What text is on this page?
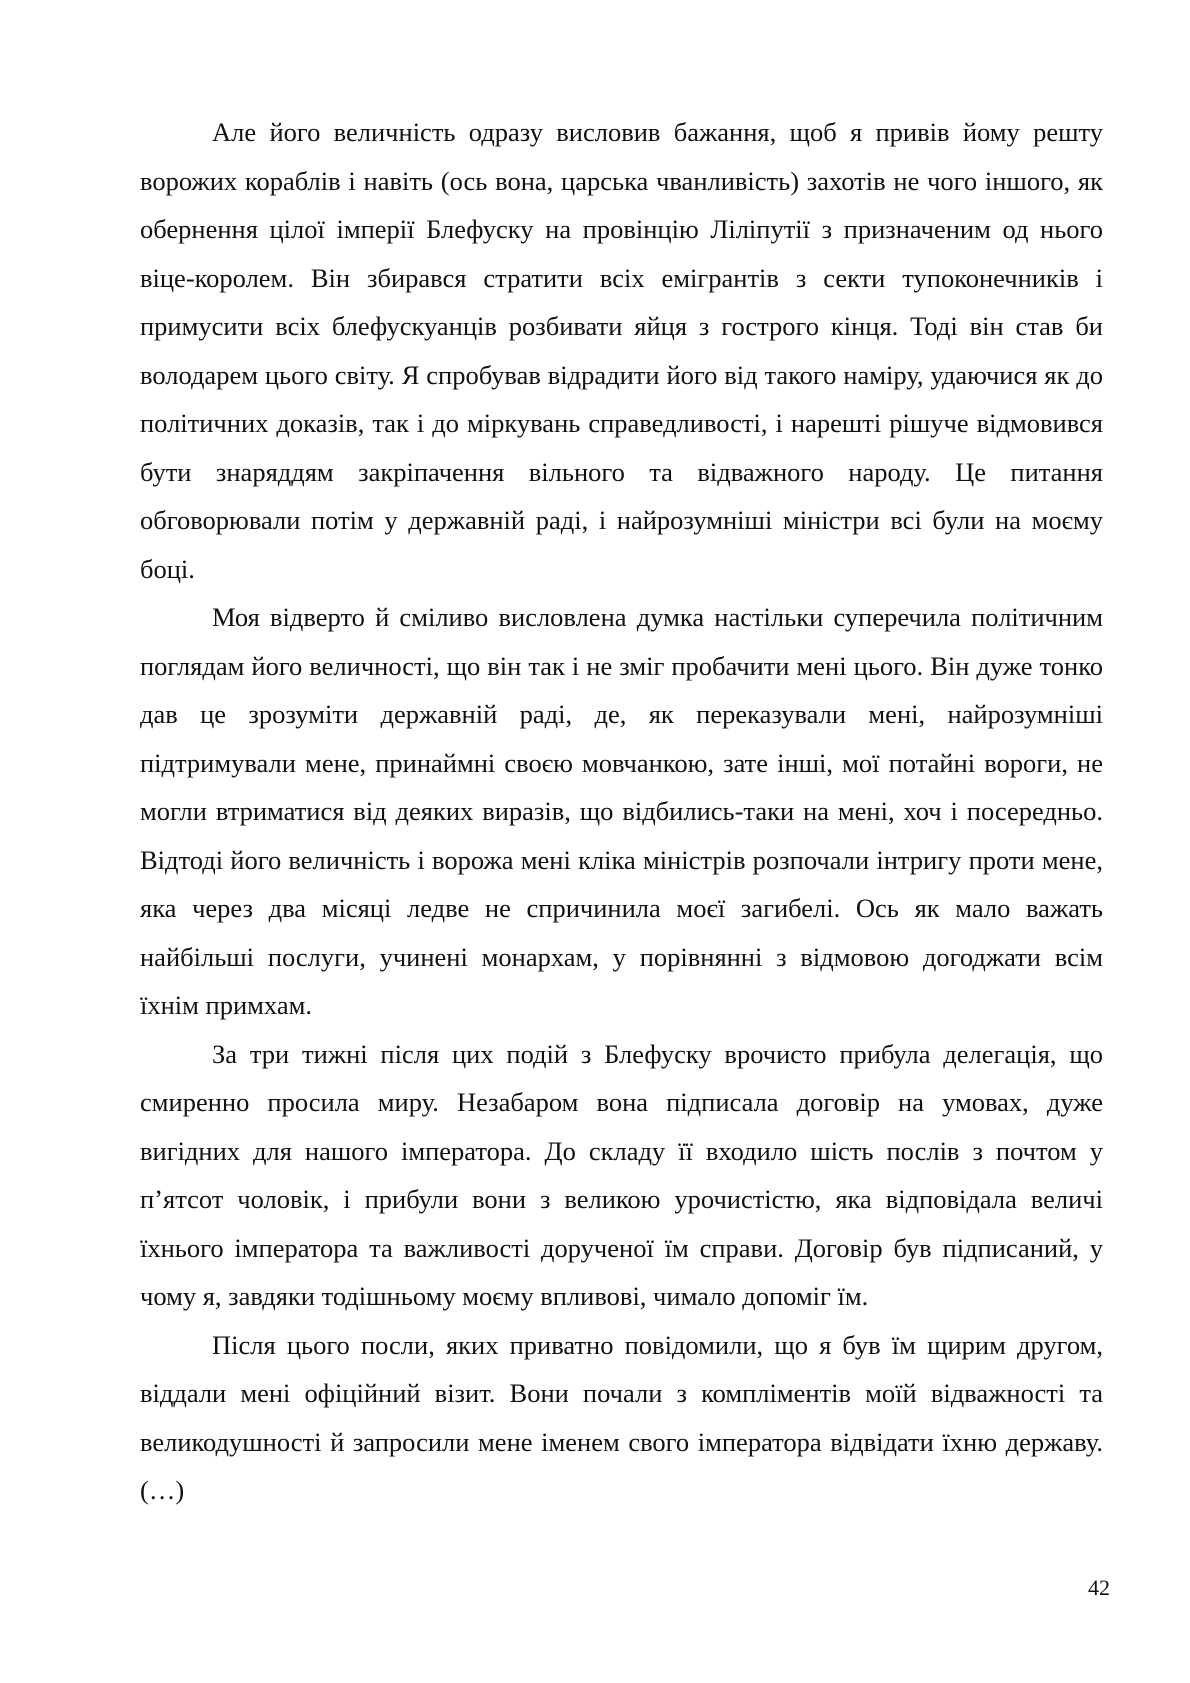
Але його величність одразу висловив бажання, щоб я привів йому решту ворожих кораблів і навіть (ось вона, царська чванливість) захотів не чого іншого, як обернення цілої імперії Блефуску на провінцію Ліліпутії з призначеним од нього віце-королем. Він збирався стратити всіх емігрантів з секти тупоконечників і примусити всіх блефускуанців розбивати яйця з гострого кінця. Тоді він став би володарем цього світу. Я спробував відрадити його від такого наміру, удаючися як до політичних доказів, так і до міркувань справедливості, і нарешті рішуче відмовився бути знаряддям закріпачення вільного та відважного народу. Це питання обговорювали потім у державній раді, і найрозумніші міністри всі були на моєму боці.

Моя відверто й сміливо висловлена думка настільки суперечила політичним поглядам його величності, що він так і не зміг пробачити мені цього. Він дуже тонко дав це зрозуміти державній раді, де, як переказували мені, найрозумніші підтримували мене, принаймні своєю мовчанкою, зате інші, мої потайні вороги, не могли втриматися від деяких виразів, що відбились-таки на мені, хоч і посередньо. Відтоді його величність і ворожа мені кліка міністрів розпочали інтригу проти мене, яка через два місяці ледве не спричинила моєї загибелі. Ось як мало важать найбільші послуги, учинені монархам, у порівнянні з відмовою догоджати всім їхнім примхам.

За три тижні після цих подій з Блефуску врочисто прибула делегація, що смиренно просила миру. Незабаром вона підписала договір на умовах, дуже вигідних для нашого імператора. До складу її входило шість послів з почтом у п’ятсот чоловік, і прибули вони з великою урочистістю, яка відповідала величі їхнього імператора та важливості дорученої їм справи. Договір був підписаний, у чому я, завдяки тодішньому моєму впливові, чимало допоміг їм.

Після цього посли, яких приватно повідомили, що я був їм щирим другом, віддали мені офіційний візит. Вони почали з компліментів моїй відважності та великодушності й запросили мене іменем свого імператора відвідати їхню державу. (…)

42
